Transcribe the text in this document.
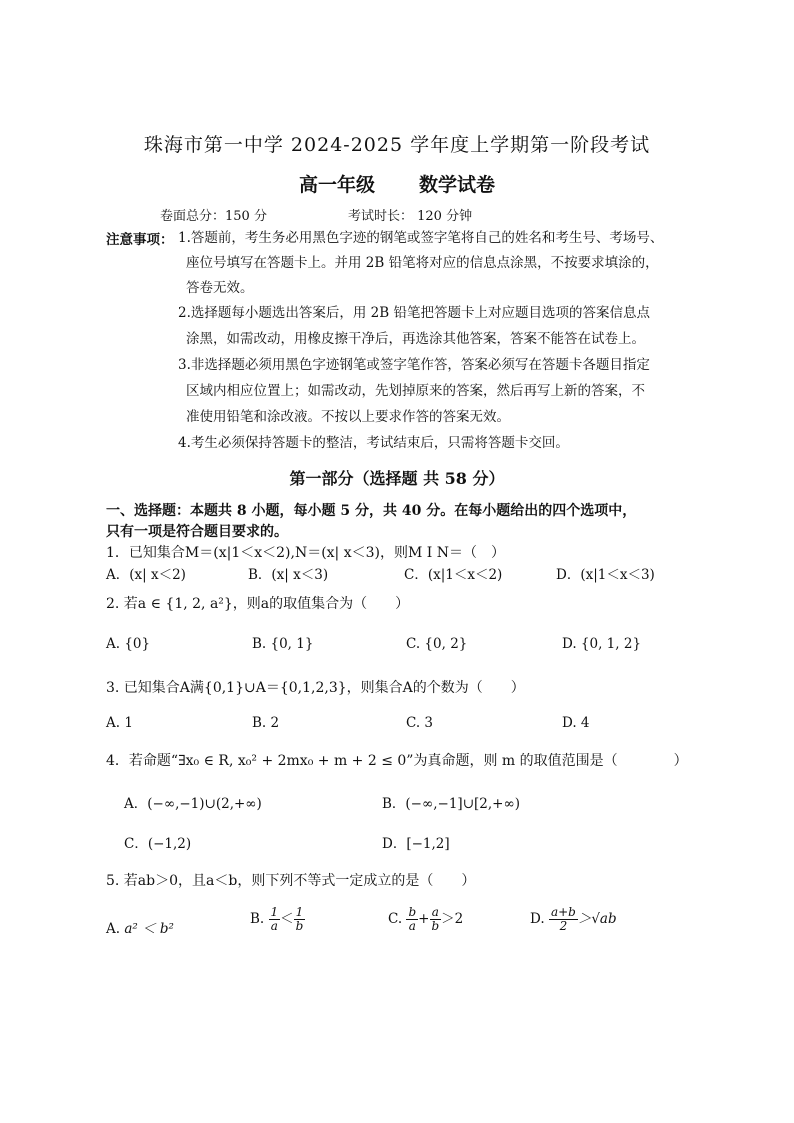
珠海市第一中学 2024-2025 学年度上学期第一阶段考试
高一年级 数学试卷
卷面总分：150 分	考试时长： 120 分钟
注意事项： 1.答题前，考生务必用黑色字迹的钢笔或签字笔将自己的姓名和考生号、考场号、
座位号填写在答题卡上。并用 2B 铅笔将对应的信息点涂黑，不按要求填涂的，
答卷无效。
2.选择题每小题选出答案后，用 2B 铅笔把答题卡上对应题目选项的答案信息点
涂黑，如需改动，用橡皮擦干净后，再选涂其他答案，答案不能答在试卷上。
3.非选择题必须用黑色字迹钢笔或签字笔作答，答案必须写在答题卡各题目指定
区域内相应位置上；如需改动，先划掉原来的答案，然后再写上新的答案，不
准使用铅笔和涂改液。不按以上要求作答的答案无效。
4.考生必须保持答题卡的整洁，考试结束后，只需将答题卡交回。
第一部分（选择题 共 58 分）
一、选择题：本题共 8 小题，每小题 5 分，共 40 分。在每小题给出的四个选项中，
只有一项是符合题目要求的。
1．已知集合M＝(x|1＜x＜2),N＝(x| x＜3)，则M I N＝（　）
A．(x| x＜2)	B．(x| x＜3)	C．(x|1＜x＜2)	D．(x|1＜x＜3)
2. 若a ∈ {1, 2, a²}，则a的取值集合为（　　）
A. {0}	B. {0, 1}	C. {0, 2}	D. {0, 1, 2}
3. 已知集合A满{0,1}∪A＝{0,1,2,3}，则集合A的个数为（　　）
A. 1	B. 2	C. 3	D. 4
4．若命题“∃x₀ ∈ R, x₀² + 2mx₀ + m + 2 ≤ 0”为真命题，则 m 的取值范围是（　　　　）
A．(−∞,−1)∪(2,+∞)	B．(−∞,−1]∪[2,+∞)
C．(−1,2)	D．[−1,2]
5. 若ab＞0，且a＜b，则下列不等式一定成立的是（　　）
A. a² ＜ b²
B. $\frac{1}{a} < \frac{1}{b}$	C. $\frac{b}{a} + \frac{a}{b} >2$	D. $\frac{a+b}{2} >√ab$
